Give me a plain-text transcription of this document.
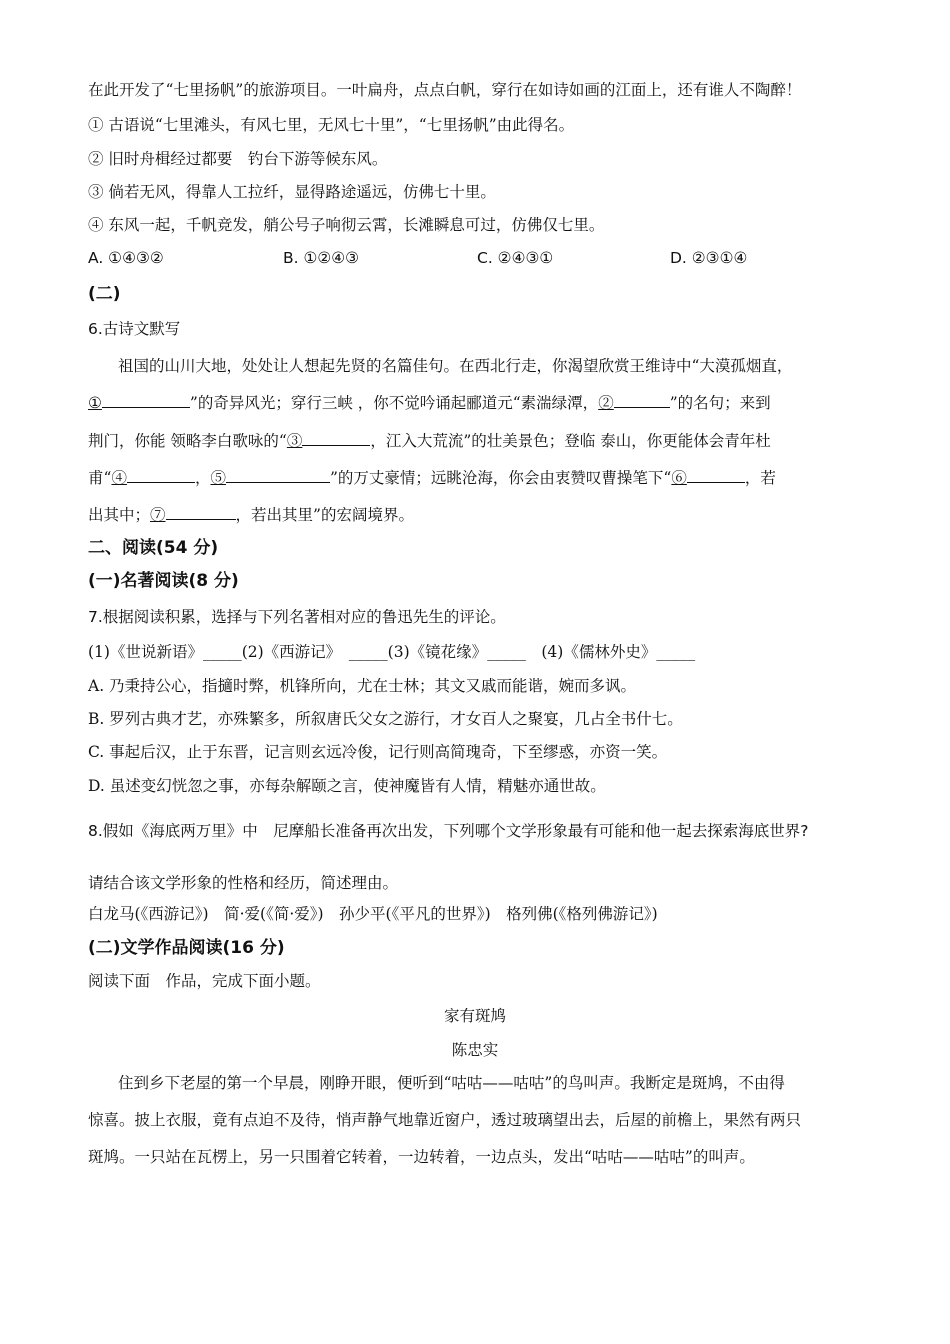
在此开发了“七里扬帆”的旅游项目。一叶扁舟，点点白帆，穿行在如诗如画的江面上，还有谁人不陶醉！
① 古语说“七里滩头，有风七里，无风七十里”，“七里扬帆”由此得名。
② 旧时舟楫经过都要　钓台下游等候东风。
③ 倘若无风，得靠人工拉纤，显得路途遥远，仿佛七十里。
④ 东风一起，千帆竞发，艄公号子响彻云霄，长滩瞬息可过，仿佛仅七里。
A. ①④③②	B. ①②④③	C. ②④③①	D. ②③①④
(二)
6.古诗文默写
祖国的山川大地，处处让人想起先贤的名篇佳句。在西北行走，你渴望欣赏王维诗中“大漠孤烟直，
①	”的奇异风光；穿行三峡 ，你不觉吟诵起郦道元“素湍绿潭，②	”的名句；来到
荆门，你能 领略李白歌咏的“③	，江入大荒流”的壮美景色；登临 泰山，你更能体会青年杜
甫“④	，⑤	”的万丈豪情；远眺沧海，你会由衷赞叹曹操笔下“⑥	，若
出其中；⑦	，若出其里”的宏阔境界。
二、阅读(54 分)
(一)名著阅读(8 分)
7.根据阅读积累，选择与下列名著相对应的鲁迅先生的评论。
(1)《世说新语》_____(2)《西游记》　_____(3)《镜花缘》_____　(4)《儒林外史》_____
A. 乃秉持公心，指擿时弊，机锋所向，尤在士林；其文又戚而能谐，婉而多讽。
B. 罗列古典才艺，亦殊繁多，所叙唐氏父女之游行，才女百人之聚宴，几占全书什七。
C. 事起后汉，止于东晋，记言则玄远冷俊，记行则高简瑰奇，下至缪惑，亦资一笑。
D. 虽述变幻恍忽之事，亦每杂解颐之言，使神魔皆有人情，精魅亦通世故。
8.假如《海底两万里》中　尼摩船长准备再次出发，下列哪个文学形象最有可能和他一起去探索海底世界?
请结合该文学形象的性格和经历，简述理由。
白龙马(《西游记》)　简·爱(《简·爱》)　孙少平(《平凡的世界》)　格列佛(《格列佛游记》)
(二)文学作品阅读(16 分)
阅读下面　作品，完成下面小题。
家有斑鸠
陈忠实
住到乡下老屋的第一个早晨，刚睁开眼，便听到“咕咕——咕咕”的鸟叫声。我断定是斑鸠，不由得
惊喜。披上衣服，竟有点迫不及待，悄声静气地靠近窗户，透过玻璃望出去，后屋的前檐上，果然有两只
斑鸠。一只站在瓦楞上，另一只围着它转着，一边转着，一边点头，发出“咕咕——咕咕”的叫声。
